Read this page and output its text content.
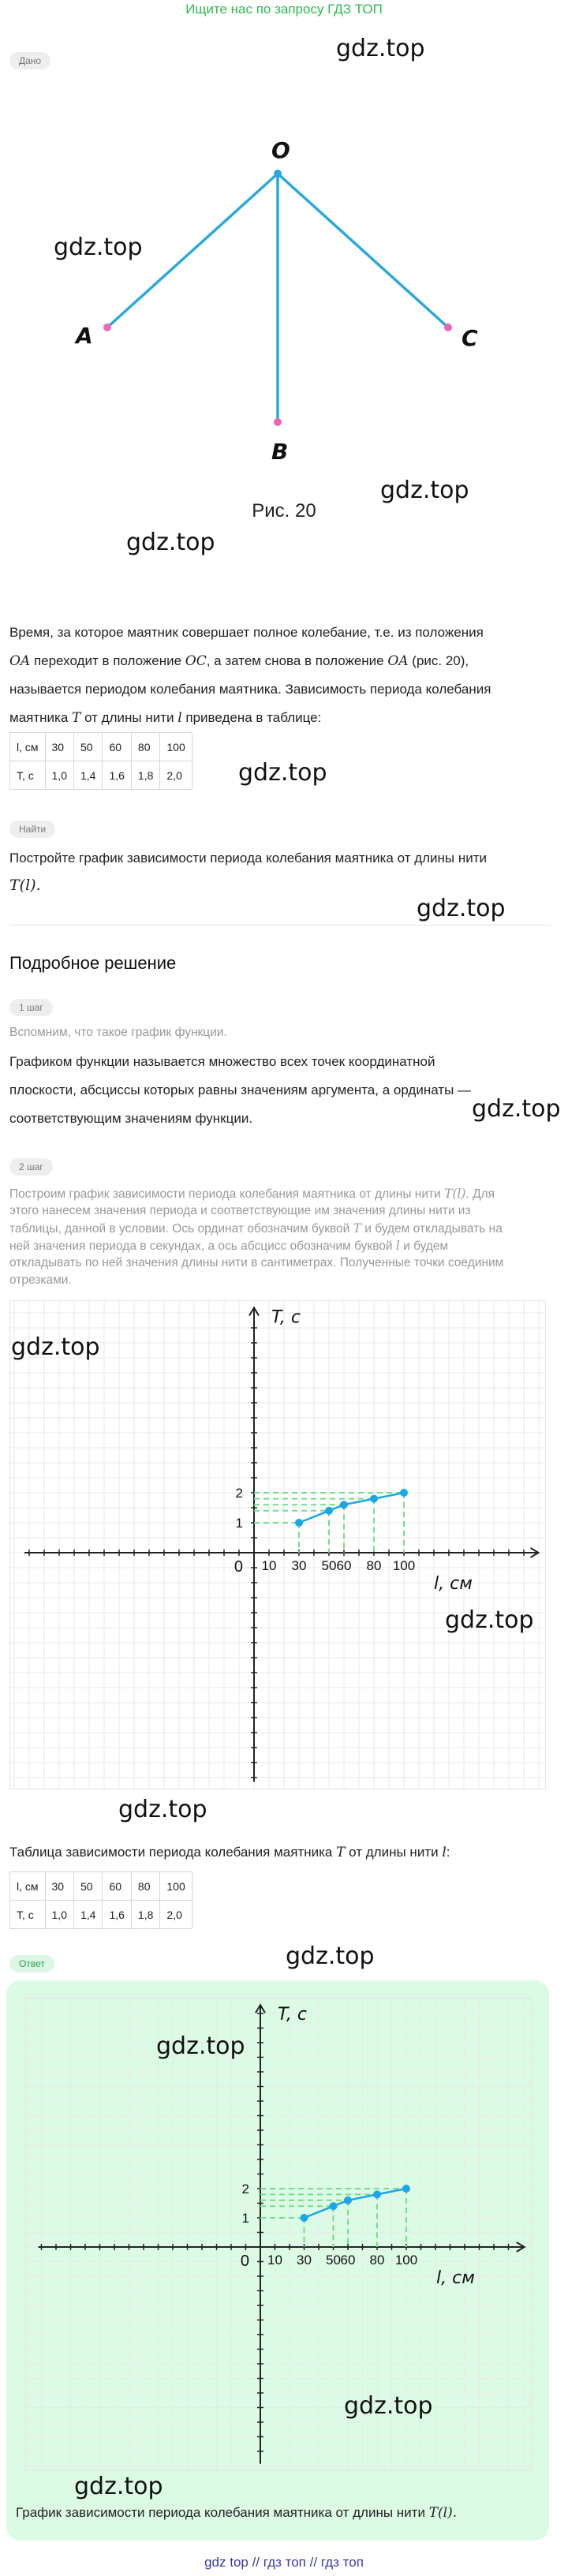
Ищите нас по запросу ГДЗ ТОП
Дано
O
A	C
B
Рис. 20
Время, за которое маятник совершает полное колебание, т.е. из положения
OA переходит в положение OC, а затем снова в положение OA (рис. 20),
называется периодом колебания маятника. Зависимость периода колебания
маятника T от длины нити l приведена в таблице:
l, см	30	50	60	80	100
T, c	1,0	1,4	1,6	1,8	2,0
Найти
Постройте график зависимости периода колебания маятника от длины нити
T(l).
Подробное решение
1 шаг
Вспомним, что такое график функции.
Графиком функции называется множество всех точек координатной
плоскости, абсциссы которых равны значениям аргумента, а ординаты —
соответствующим значениям функции.
2 шаг
Построим график зависимости периода колебания маятника от длины нити T(l). Для
этого нанесем значения периода и соответствующие им значения длины нити из
таблицы, данной в условии. Ось ординат обозначим буквой T и будем откладывать на
ней значения периода в секундах, а ось абсцисс обозначим буквой l и будем
откладывать по ней значения длины нити в сантиметрах. Полученные точки соединим
отрезками.
10 30 50 60 80 100
1
2
0
T, c
l, см
Таблица зависимости периода колебания маятника T от длины нити l:
l, см	30	50	60	80	100
T, c	1,0	1,4	1,6	1,8	2,0
Ответ
10 30 50 60 80 100
1
2
0
T, c
l, см
График зависимости периода колебания маятника от длины нити T(l).
gdz.top
gdz.top
gdz.top
gdz.top
gdz.top
gdz.top
gdz.top
gdz.top
gdz.top
gdz.top
gdz.top
gdz.top
gdz.top
gdz.top
gdz top // гдз топ // гдз топ
